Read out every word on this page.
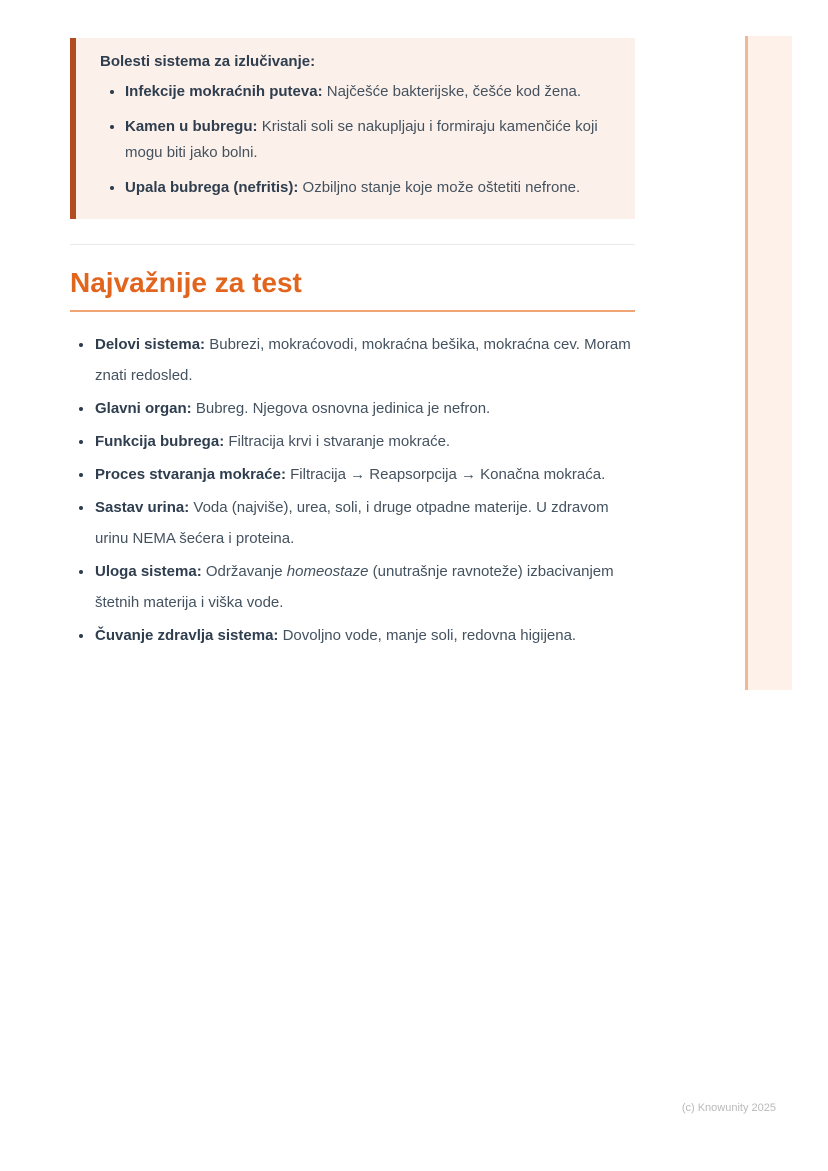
Bolesti sistema za izlučivanje:

Infekcije mokraćnih puteva: Najčešće bakterijske, češće kod žena.
Kamen u bubregu: Kristali soli se nakupljaju i formiraju kamenčiće koji mogu biti jako bolni.
Upala bubrega (nefritis): Ozbiljno stanje koje može oštetiti nefrone.
Najvažnije za test
Delovi sistema: Bubrezi, mokraćovodi, mokraćna bešika, mokraćna cev. Moram znati redosled.
Glavni organ: Bubreg. Njegova osnovna jedinica je nefron.
Funkcija bubrega: Filtracija krvi i stvaranje mokraće.
Proces stvaranja mokraće: Filtracija → Reapsorpcija → Konačna mokraća.
Sastav urina: Voda (najviše), urea, soli, i druge otpadne materije. U zdravom urinu NEMA šećera i proteina.
Uloga sistema: Održavanje homeostaze (unutrašnje ravnoteže) izbacivanjem štetnih materija i viška vode.
Čuvanje zdravlja sistema: Dovoljno vode, manje soli, redovna higijena.
(c) Knowunity 2025
